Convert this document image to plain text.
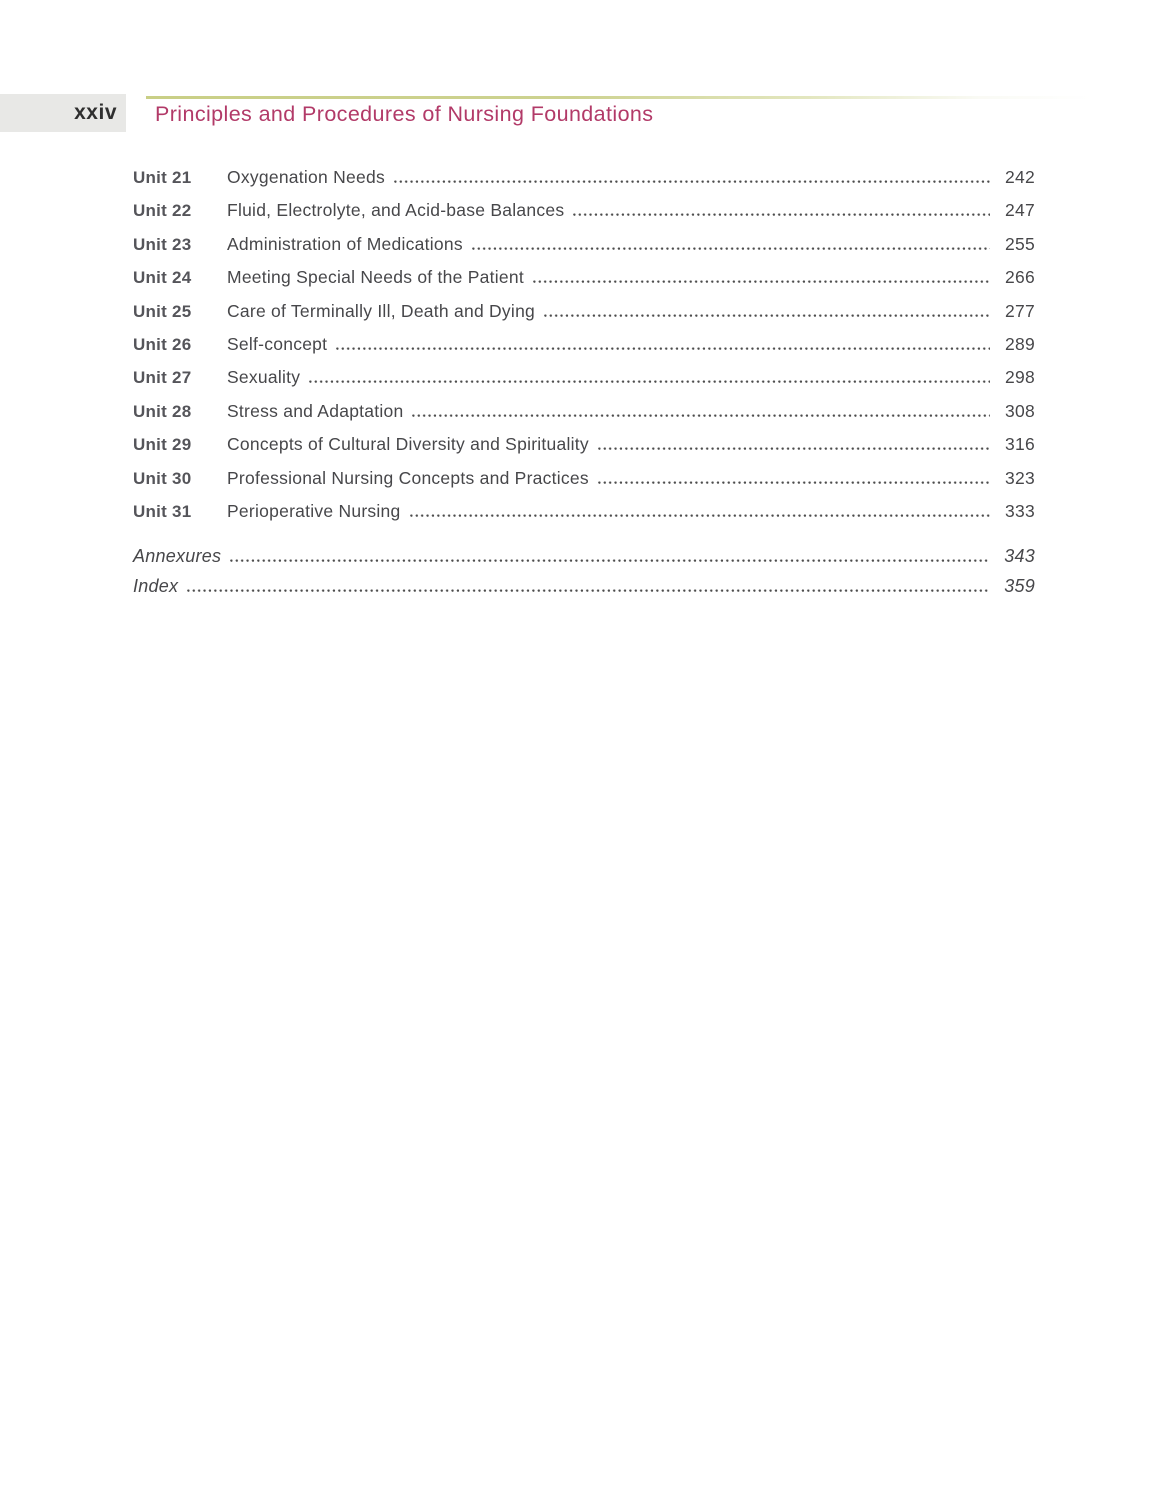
xxiv Principles and Procedures of Nursing Foundations
Unit 21	Oxygenation Needs	242
Unit 22	Fluid, Electrolyte, and Acid-base Balances	247
Unit 23	Administration of Medications	255
Unit 24	Meeting Special Needs of the Patient	266
Unit 25	Care of Terminally Ill, Death and Dying	277
Unit 26	Self-concept	289
Unit 27	Sexuality	298
Unit 28	Stress and Adaptation	308
Unit 29	Concepts of Cultural Diversity and Spirituality	316
Unit 30	Professional Nursing Concepts and Practices	323
Unit 31	Perioperative Nursing	333
Annexures	343
Index	359
